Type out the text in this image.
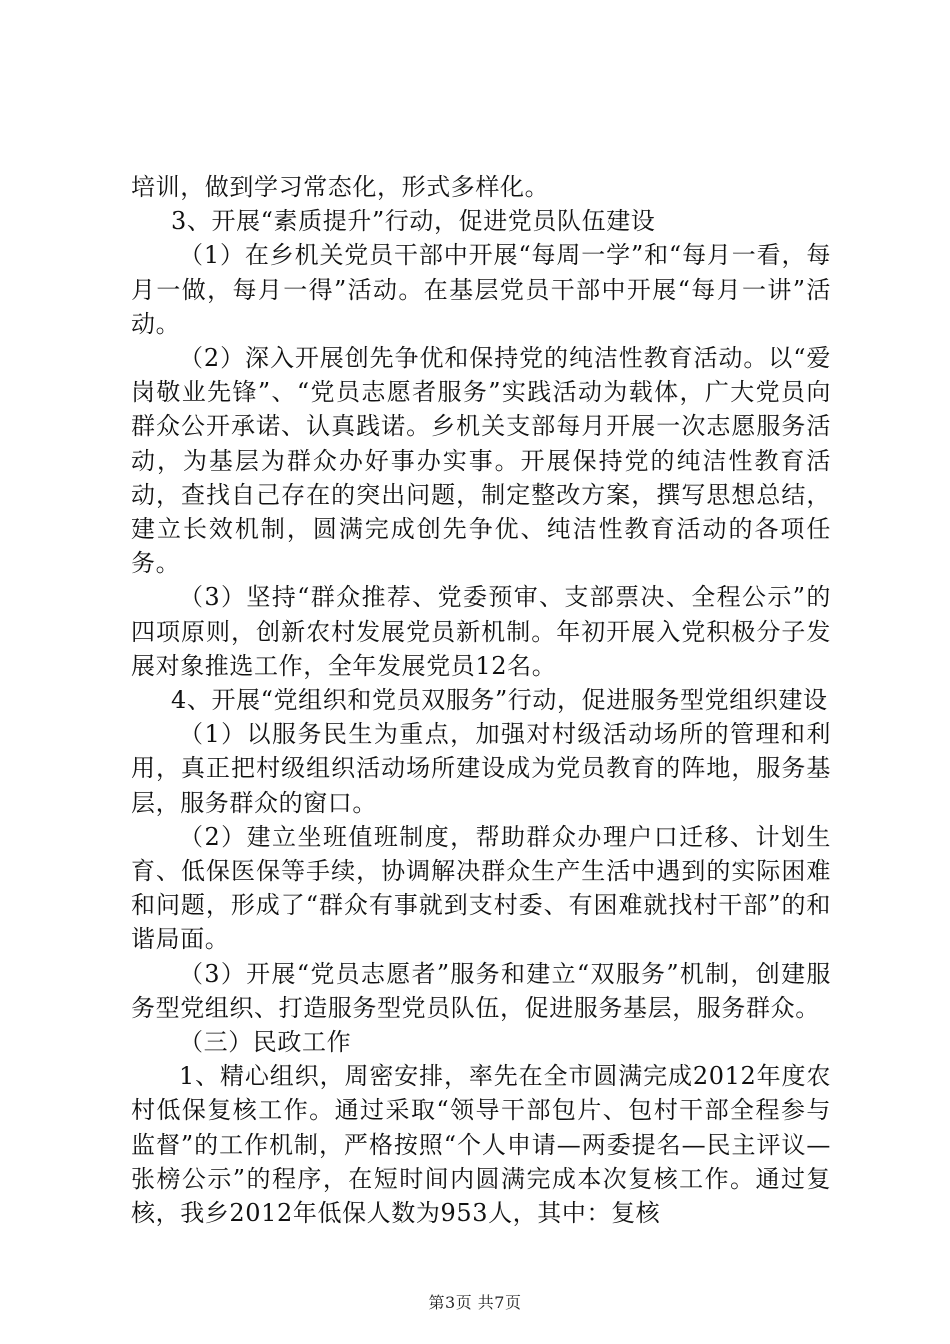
培训，做到学习常态化，形式多样化。

3、开展“素质提升”行动，促进党员队伍建设

（1）在乡机关党员干部中开展“每周一学”和“每月一看，每月一做，每月一得”活动。在基层党员干部中开展“每月一讲”活动。

（2）深入开展创先争优和保持党的纯洁性教育活动。以“爱岗敬业先锋”、“党员志愿者服务”实践活动为载体，广大党员向群众公开承诺、认真践诺。乡机关支部每月开展一次志愿服务活动，为基层为群众办好事办实事。开展保持党的纯洁性教育活动，查找自己存在的突出问题，制定整改方案，撰写思想总结，建立长效机制，圆满完成创先争优、纯洁性教育活动的各项任务。

（3）坚持“群众推荐、党委预审、支部票决、全程公示”的四项原则，创新农村发展党员新机制。年初开展入党积极分子发展对象推选工作，全年发展党员12名。

4、开展“党组织和党员双服务”行动，促进服务型党组织建设

（1）以服务民生为重点，加强对村级活动场所的管理和利用，真正把村级组织活动场所建设成为党员教育的阵地，服务基层，服务群众的窗口。

（2）建立坐班值班制度，帮助群众办理户口迁移、计划生育、低保医保等手续，协调解决群众生产生活中遇到的实际困难和问题，形成了“群众有事就到支村委、有困难就找村干部”的和谐局面。

（3）开展“党员志愿者”服务和建立“双服务”机制，创建服务型党组织、打造服务型党员队伍，促进服务基层，服务群众。

（三）民政工作

1、精心组织，周密安排，率先在全市圆满完成2012年度农村低保复核工作。通过采取“领导干部包片、包村干部全程参与监督”的工作机制，严格按照“个人申请—两委提名—民主评议—张榜公示”的程序，在短时间内圆满完成本次复核工作。通过复核，我乡2012年低保人数为953人，其中：复核

第3页 共7页
